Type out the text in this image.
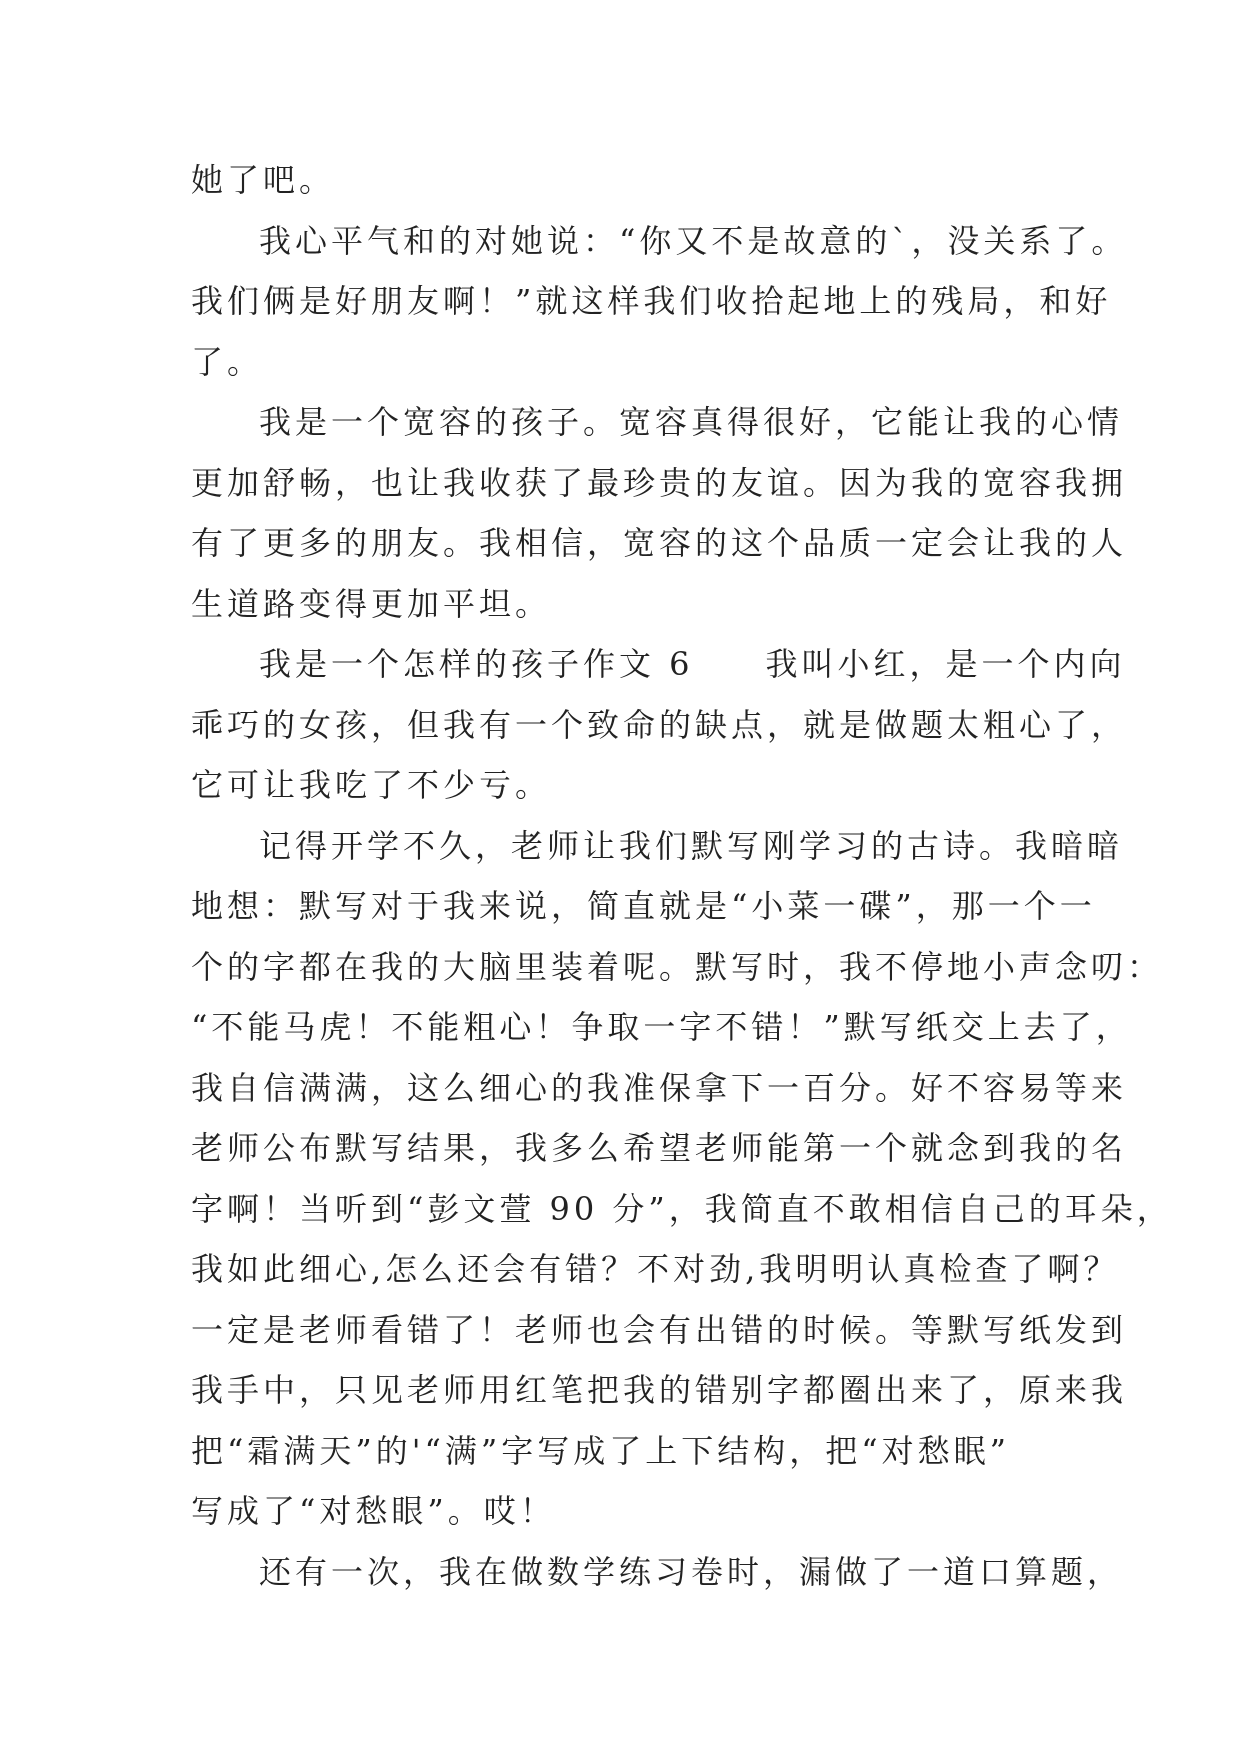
她了吧。
我心平气和的对她说：“你又不是故意的`，没关系了。
我们俩是好朋友啊！”就这样我们收拾起地上的残局，和好
了。
我是一个宽容的孩子。宽容真得很好，它能让我的心情
更加舒畅，也让我收获了最珍贵的友谊。因为我的宽容我拥
有了更多的朋友。我相信，宽容的这个品质一定会让我的人
生道路变得更加平坦。
我是一个怎样的孩子作文 6　　我叫小红，是一个内向
乖巧的女孩，但我有一个致命的缺点，就是做题太粗心了，
它可让我吃了不少亏。
记得开学不久，老师让我们默写刚学习的古诗。我暗暗
地想：默写对于我来说，简直就是“小菜一碟”，那一个一
个的字都在我的大脑里装着呢。默写时，我不停地小声念叨：
“不能马虎！不能粗心！争取一字不错！”默写纸交上去了，
我自信满满，这么细心的我准保拿下一百分。好不容易等来
老师公布默写结果，我多么希望老师能第一个就念到我的名
字啊！当听到“彭文萱 90 分”，我简直不敢相信自己的耳朵，
我如此细心,怎么还会有错？不对劲,我明明认真检查了啊？
一定是老师看错了！老师也会有出错的时候。等默写纸发到
我手中，只见老师用红笔把我的错别字都圈出来了，原来我
把“霜满天”的'“满”字写成了上下结构，把“对愁眠”
写成了“对愁眼”。哎！
还有一次，我在做数学练习卷时，漏做了一道口算题，
